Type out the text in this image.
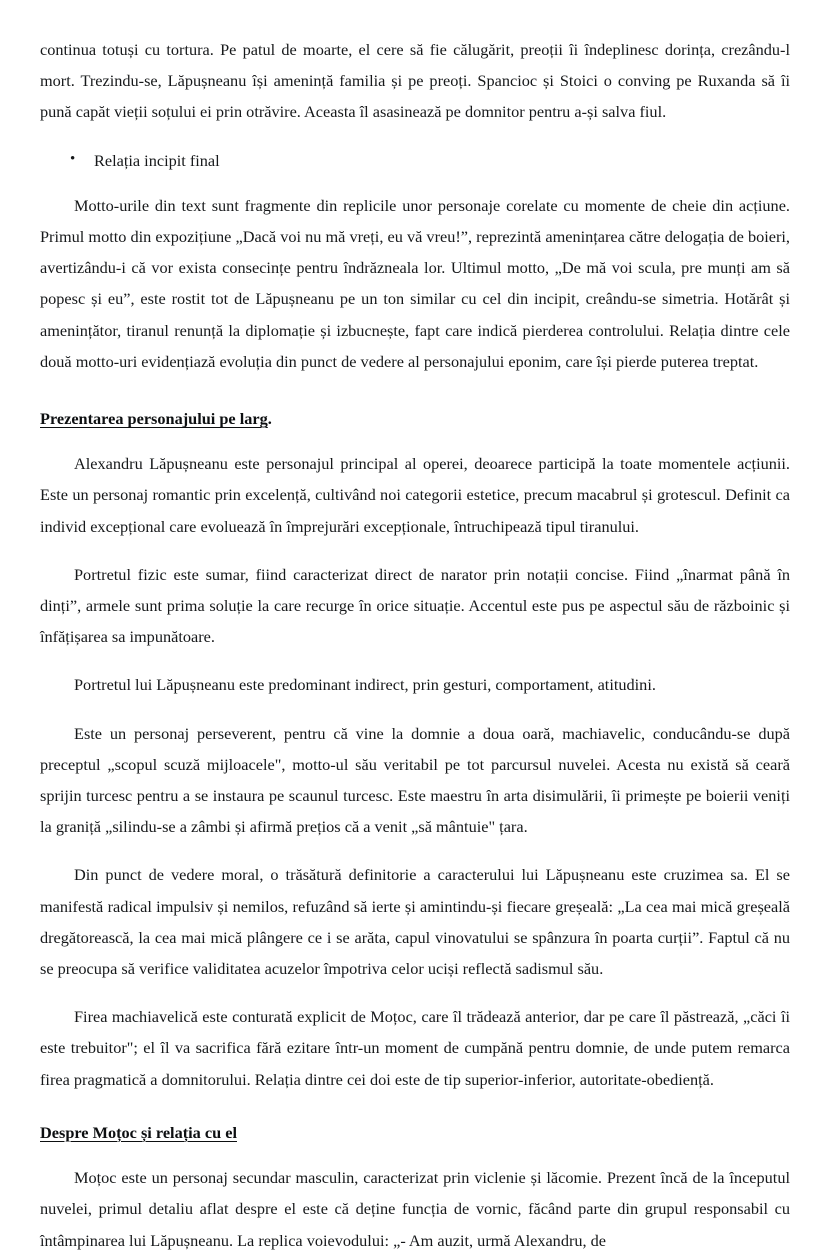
continua totuși cu tortura. Pe patul de moarte, el cere să fie călugărit, preoții îi îndeplinesc dorința, crezându-l mort. Trezindu-se, Lăpușneanu își amenință familia și pe preoți. Spancioc și Stoici o conving pe Ruxanda să îi pună capăt vieții soțului ei prin otrăvire. Aceasta îl asasinează pe domnitor pentru a-și salva fiul.

• Relația incipit final

Motto-urile din text sunt fragmente din replicile unor personaje corelate cu momente de cheie din acțiune. Primul motto din expozițiune „Dacă voi nu mă vreți, eu vă vreu!”, reprezintă amenințarea către delogația de boieri, avertizându-i că vor exista consecințe pentru îndrăzneala lor. Ultimul motto, „De mă voi scula, pre munți am să popesc și eu”, este rostit tot de Lăpușneanu pe un ton similar cu cel din incipit, creându-se simetria. Hotărât și amenințător, tiranul renunță la diplomație și izbucnește, fapt care indică pierderea controlului. Relația dintre cele două motto-uri evidențiază evoluția din punct de vedere al personajului eponim, care își pierde puterea treptat.

Prezentarea personajului pe larg.

Alexandru Lăpușneanu este personajul principal al operei, deoarece participă la toate momentele acțiunii. Este un personaj romantic prin excelență, cultivând noi categorii estetice, precum macabrul și grotescul. Definit ca individ excepțional care evoluează în împrejurări excepționale, întruchipează tipul tiranului.

Portretul fizic este sumar, fiind caracterizat direct de narator prin notații concise. Fiind „înarmat până în dinți”, armele sunt prima soluție la care recurge în orice situație. Accentul este pus pe aspectul său de războinic și înfățișarea sa impunătoare.

Portretul lui Lăpușneanu este predominant indirect, prin gesturi, comportament, atitudini.

Este un personaj perseverent, pentru că vine la domnie a doua oară, machiavelic, conducându-se după preceptul „scopul scuză mijloacele", motto-ul său veritabil pe tot parcursul nuvelei. Acesta nu există să ceară sprijin turcesc pentru a se instaura pe scaunul turcesc. Este maestru în arta disimulării, îi primește pe boierii veniți la graniță „silindu-se a zâmbi și afirmă prețios că a venit „să mântuie" țara.

Din punct de vedere moral, o trăsătură definitorie a caracterului lui Lăpușneanu este cruzimea sa. El se manifestă radical impulsiv și nemilos, refuzând să ierte și amintindu-și fiecare greșeală: „La cea mai mică greșeală dregătorească, la cea mai mică plângere ce i se arăta, capul vinovatului se spânzura în poarta curții”. Faptul că nu se preocupa să verifice validitatea acuzelor împotriva celor uciși reflectă sadismul său.

Firea machiavelică este conturată explicit de Moțoc, care îl trădează anterior, dar pe care îl păstrează, „căci îi este trebuitor"; el îl va sacrifica fără ezitare într-un moment de cumpănă pentru domnie, de unde putem remarca firea pragmatică a domnitorului. Relația dintre cei doi este de tip superior-inferior, autoritate-obediență.

Despre Moțoc și relația cu el

Moțoc este un personaj secundar masculin, caracterizat prin viclenie și lăcomie. Prezent încă de la începutul nuvelei, primul detaliu aflat despre el este că deține funcția de vornic, făcând parte din grupul responsabil cu întâmpinarea lui Lăpușneanu. La replica voievodului: „- Am auzit, urmă Alexandru, de
